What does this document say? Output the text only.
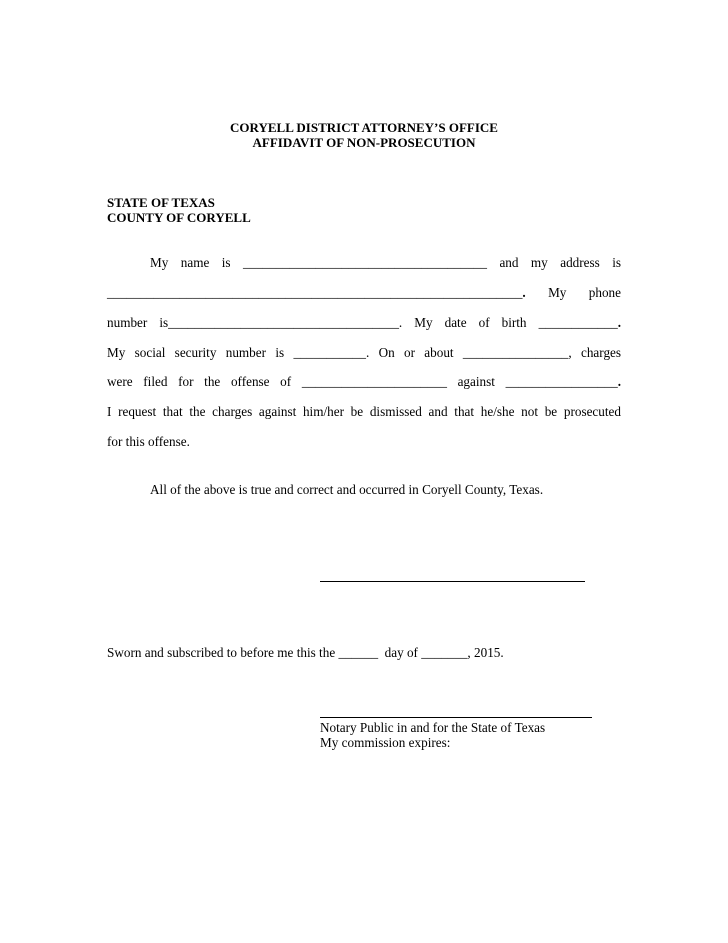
CORYELL DISTRICT ATTORNEY’S OFFICE
AFFIDAVIT OF NON-PROSECUTION
STATE OF TEXAS
COUNTY OF CORYELL
My name is _____________________________________ and my address is
_______________________________________________________________. My phone
number is___________________________________. My date of birth ____________.
My social security number is ___________. On or about ________________, charges
were filed for the offense of ______________________ against _________________.
I request that the charges against him/her be dismissed and that he/she not be prosecuted
for this offense.
All of the above is true and correct and occurred in Coryell County, Texas.
Sworn and subscribed to before me this the ______ day of _______, 2015.
Notary Public in and for the State of Texas
My commission expires:
